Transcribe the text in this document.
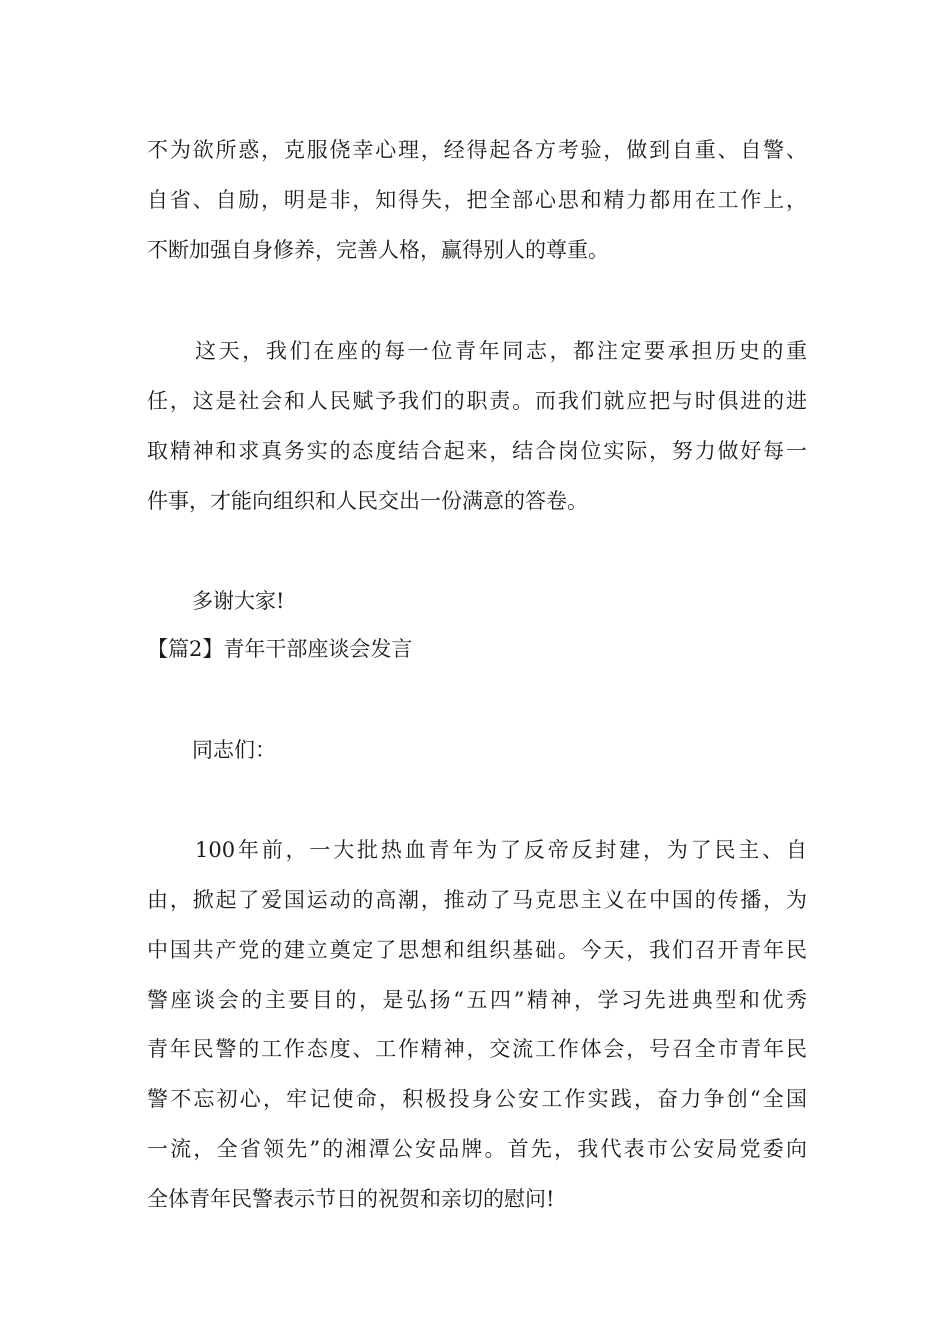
不为欲所惑，克服侥幸心理，经得起各方考验，做到自重、自警、
自省、自励，明是非，知得失，把全部心思和精力都用在工作上，
不断加强自身修养，完善人格，赢得别人的尊重。
这天，我们在座的每一位青年同志，都注定要承担历史的重
任，这是社会和人民赋予我们的职责。而我们就应把与时俱进的进
取精神和求真务实的态度结合起来，结合岗位实际，努力做好每一
件事，才能向组织和人民交出一份满意的答卷。
多谢大家!
【篇2】青年干部座谈会发言
同志们：
100年前，一大批热血青年为了反帝反封建，为了民主、自
由，掀起了爱国运动的高潮，推动了马克思主义在中国的传播，为
中国共产党的建立奠定了思想和组织基础。今天，我们召开青年民
警座谈会的主要目的，是弘扬“五四”精神，学习先进典型和优秀
青年民警的工作态度、工作精神，交流工作体会，号召全市青年民
警不忘初心，牢记使命，积极投身公安工作实践，奋力争创“全国
一流，全省领先”的湘潭公安品牌。首先，我代表市公安局党委向
全体青年民警表示节日的祝贺和亲切的慰问!
